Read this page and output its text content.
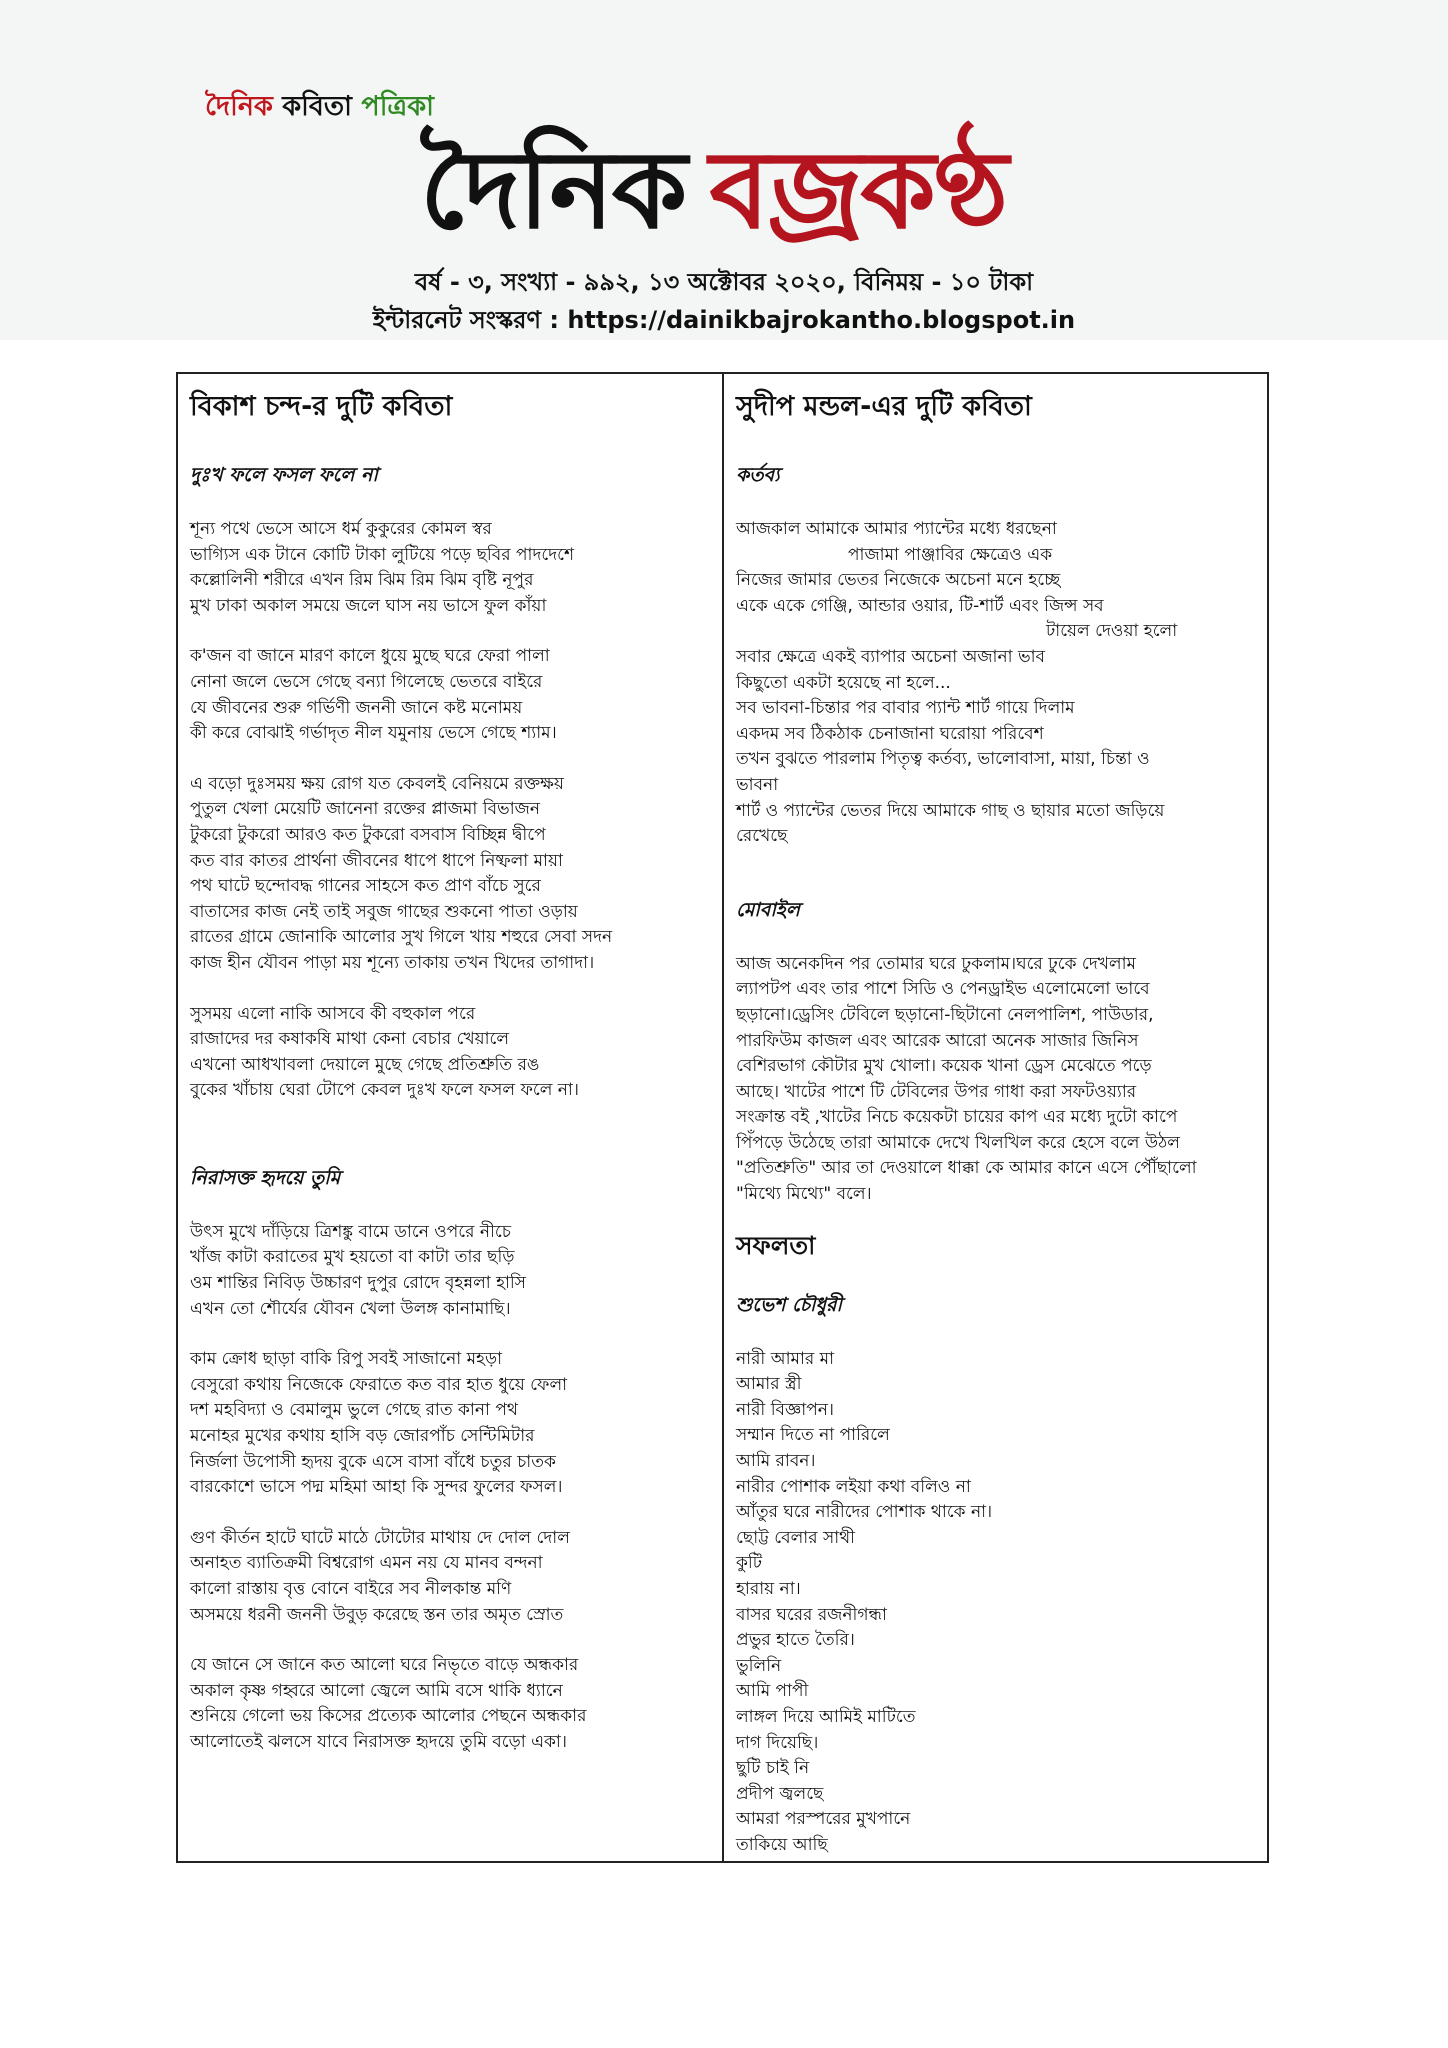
দৈনিক কবিতা পত্রিকা
দৈনিক বজ্রকণ্ঠ
বর্ষ - ৩, সংখ্যা - ৯৯২, ১৩ অক্টোবর ২০২০, বিনিময় - ১০ টাকা
ইন্টারনেট সংস্করণ : https://dainikbajrokantho.blogspot.in
বিকাশ চন্দ-র দুটি কবিতা
দুঃখ ফলে ফসল ফলে না
শূন্য পথে ভেসে আসে ধর্ম কুকুরের কোমল স্বর
ভাগ্যিস এক টানে কোটি টাকা লুটিয়ে পড়ে ছবির পাদদেশে
কল্লোলিনী শরীরে এখন রিম ঝিম রিম ঝিম বৃষ্টি নূপুর
মুখ ঢাকা অকাল সময়ে জলে ঘাস নয় ভাসে ফুল কাঁয়া
ক'জন বা জানে মারণ কালে ধুয়ে মুছে ঘরে ফেরা পালা
নোনা জলে ভেসে গেছে বন্যা গিলেছে ভেতরে বাইরে
যে জীবনের শুরু গর্ভিণী জননী জানে কষ্ট মনোময়
কী করে বোঝাই গর্ভাদৃত নীল যমুনায় ভেসে গেছে শ্যাম।
এ বড়ো দুঃসময় ক্ষয় রোগ যত কেবলই বেনিয়মে রক্তক্ষয়
পুতুল খেলা মেয়েটি জানেনা রক্তের প্লাজমা বিভাজন
টুকরো টুকরো আরও কত টুকরো বসবাস বিচ্ছিন্ন দ্বীপে
কত বার কাতর প্রার্থনা জীবনের ধাপে ধাপে নিষ্ফলা মায়া
পথ ঘাটে ছন্দোবদ্ধ গানের সাহসে কত প্রাণ বাঁচে সুরে
বাতাসের কাজ নেই তাই সবুজ গাছের শুকনো পাতা ওড়ায়
রাতের গ্রামে জোনাকি আলোর সুখ গিলে খায় শহুরে সেবা সদন
কাজ হীন যৌবন পাড়া ময় শূন্যে তাকায় তখন খিদের তাগাদা।
সুসময় এলো নাকি আসবে কী বহুকাল পরে
রাজাদের দর কষাকষি মাথা কেনা বেচার খেয়ালে
এখনো আধখাবলা দেয়ালে মুছে গেছে প্রতিশ্রুতি রঙ
বুকের খাঁচায় ঘেরা টোপে কেবল দুঃখ ফলে ফসল ফলে না।
নিরাসক্ত হৃদয়ে তুমি
উৎস মুখে দাঁড়িয়ে ত্রিশঙ্কু বামে ডানে ওপরে নীচে
খাঁজ কাটা করাতের মুখ হয়তো বা কাটা তার ছড়ি
ওম শান্তির নিবিড় উচ্চারণ দুপুর রোদে বৃহন্নলা হাসি
এখন তো শৌর্যের যৌবন খেলা উলঙ্গ কানামাছি।
কাম ক্রোধ ছাড়া বাকি রিপু সবই সাজানো মহড়া
বেসুরো কথায় নিজেকে ফেরাতে কত বার হাত ধুয়ে ফেলা
দশ মহবিদ্যা ও বেমালুম ভুলে গেছে রাত কানা পথ
মনোহর মুখের কথায় হাসি বড় জোরপাঁচ সেন্টিমিটার
নির্জলা উপোসী হৃদয় বুকে এসে বাসা বাঁধে চতুর চাতক
বারকোশে ভাসে পদ্ম মহিমা আহা কি সুন্দর ফুলের ফসল।
গুণ কীর্তন হাটে ঘাটে মাঠে টোটোর মাথায় দে দোল দোল
অনাহত ব্যাতিক্রমী বিশ্বরোগ এমন নয় যে মানব বন্দনা
কালো রাস্তায় বৃত্ত বোনে বাইরে সব নীলকান্ত মণি
অসময়ে ধরনী জননী উবুড় করেছে স্তন তার অমৃত স্রোত
যে জানে সে জানে কত আলো ঘরে নিভৃতে বাড়ে অন্ধকার
অকাল কৃষ্ণ গহ্বরে আলো জ্বেলে আমি বসে থাকি ধ্যানে
শুনিয়ে গেলো ভয় কিসের প্রত্যেক আলোর পেছনে অন্ধকার
আলোতেই ঝলসে যাবে নিরাসক্ত হৃদয়ে তুমি বড়ো একা।
সুদীপ মন্ডল-এর দুটি কবিতা
কর্তব্য
আজকাল আমাকে আমার প্যান্টের মধ্যে ধরছেনা
পাজামা পাঞ্জাবির ক্ষেত্রেও এক
নিজের জামার ভেতর নিজেকে অচেনা মনে হচ্ছে
একে একে গেঞ্জি, আন্ডার ওয়ার, টি-শার্ট এবং জিন্স সব
টায়েল দেওয়া হলো
সবার ক্ষেত্রে একই ব্যাপার অচেনা অজানা ভাব
কিছুতো একটা হয়েছে না হলে...
সব ভাবনা-চিন্তার পর বাবার প্যান্ট শার্ট গায়ে দিলাম
একদম সব ঠিকঠাক চেনাজানা ঘরোয়া পরিবেশ
তখন বুঝতে পারলাম পিতৃত্ব কর্তব্য, ভালোবাসা, মায়া, চিন্তা ও
ভাবনা
শার্ট ও প্যান্টের ভেতর দিয়ে আমাকে গাছ ও ছায়ার মতো জড়িয়ে
রেখেছে
মোবাইল
আজ অনেকদিন পর তোমার ঘরে ঢুকলাম।ঘরে ঢুকে দেখলাম
ল্যাপটপ এবং তার পাশে সিডি ও পেনড্রাইভ এলোমেলো ভাবে
ছড়ানো।ড্রেসিং টেবিলে ছড়ানো-ছিটানো নেলপালিশ, পাউডার,
পারফিউম কাজল এবং আরেক আরো অনেক সাজার জিনিস
বেশিরভাগ কৌটার মুখ খোলা। কয়েক খানা ড্রেস মেঝেতে পড়ে
আছে। খাটের পাশে টি টেবিলের উপর গাধা করা সফটওয়্যার
সংক্রান্ত বই ,খাটের নিচে কয়েকটা চায়ের কাপ এর মধ্যে দুটো কাপে
পিঁপড়ে উঠেছে তারা আমাকে দেখে খিলখিল করে হেসে বলে উঠল
"প্রতিশ্রুতি" আর তা দেওয়ালে ধাক্কা কে আমার কানে এসে পৌঁছালো
"মিথ্যে মিথ্যে" বলে।
সফলতা
শুভেশ চৌধুরী
নারী আমার মা
আমার স্ত্রী
নারী বিজ্ঞাপন।
সম্মান দিতে না পারিলে
আমি রাবন।
নারীর পোশাক লইয়া কথা বলিও না
আঁতুর ঘরে নারীদের পোশাক থাকে না।
ছোট্ট বেলার সাথী
কুটি
হারায় না।
বাসর ঘরের রজনীগন্ধা
প্রভুর হাতে তৈরি।
ভুলিনি
আমি পাপী
লাঙ্গল দিয়ে আমিই মাটিতে
দাগ দিয়েছি।
ছুটি চাই নি
প্রদীপ জ্বলছে
আমরা পরস্পরের মুখপানে
তাকিয়ে আছি
